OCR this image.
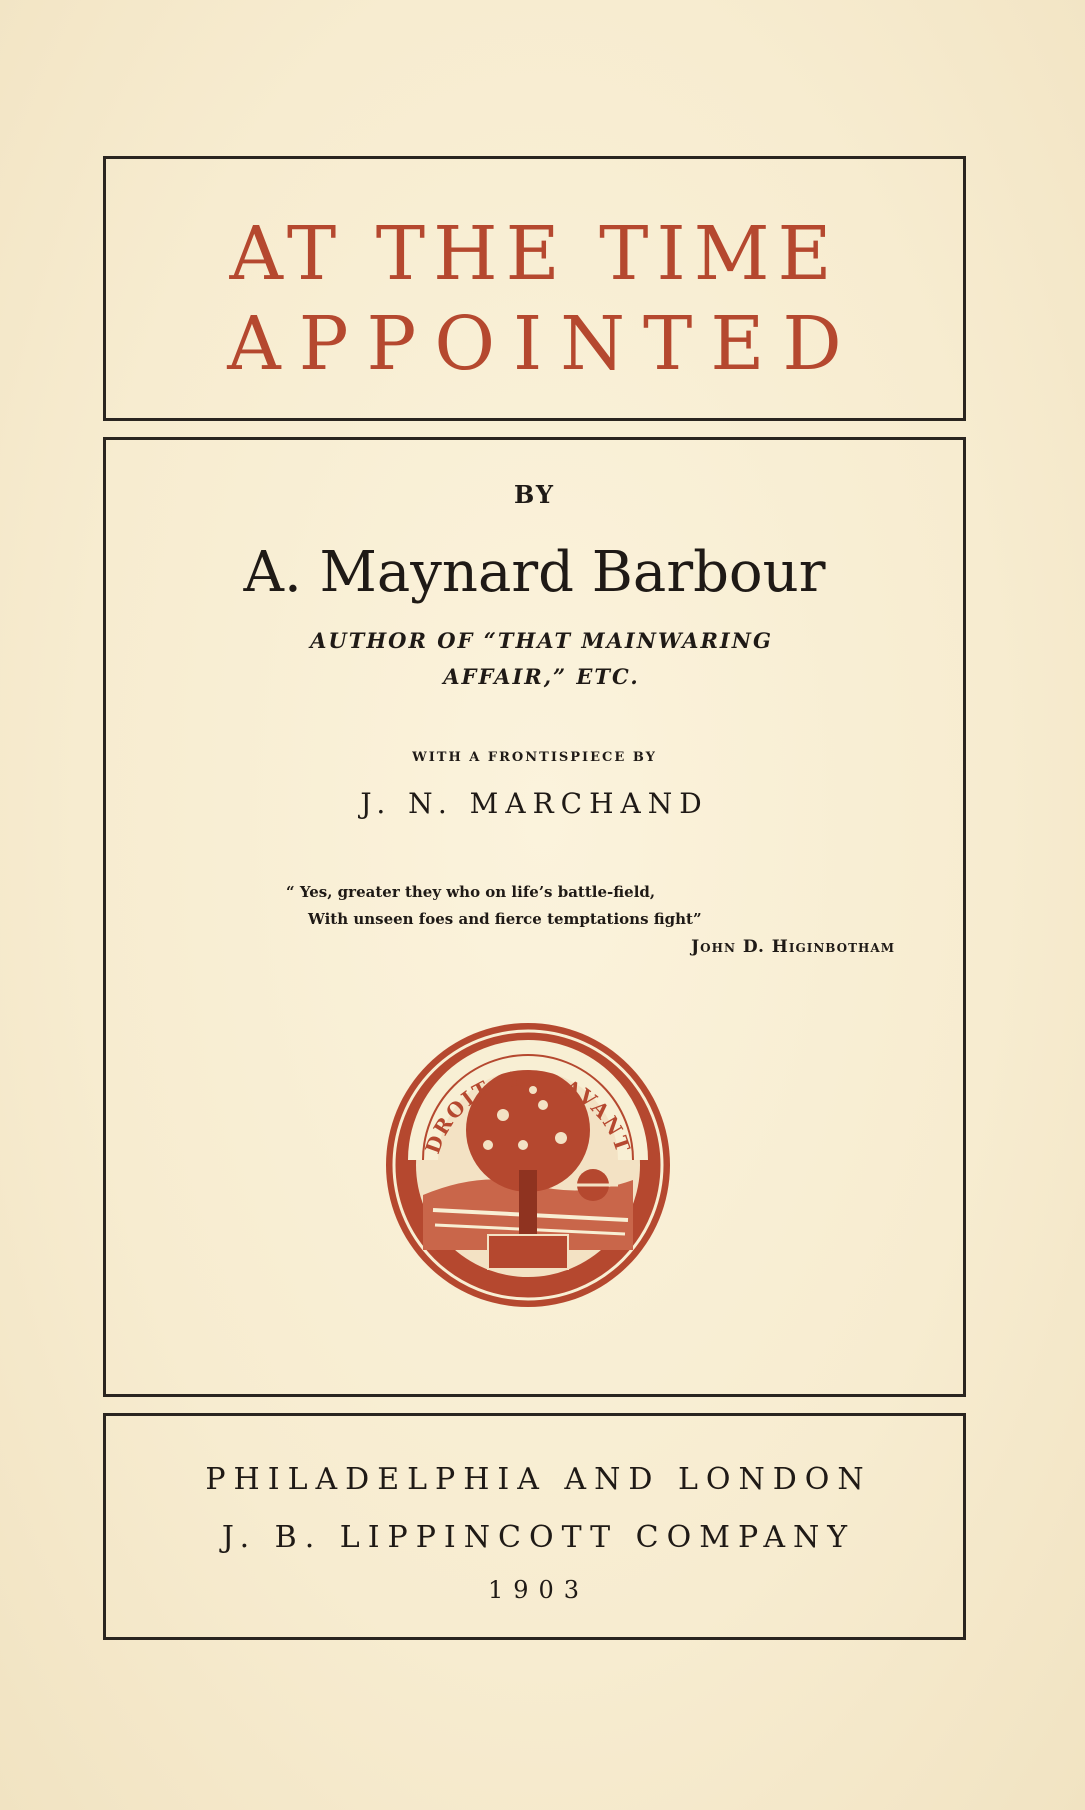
AT THE TIME
APPOINTED
BY
A. Maynard Barbour
AUTHOR OF “THAT MAINWARING
AFFAIR,” ETC.
WITH A FRONTISPIECE BY
J. N. MARCHAND
“ Yes, greater they who on life’s battle-field,
With unseen foes and fierce temptations fight”
John D. Higinbotham
DROIT ET AVANT
PHILADELPHIA AND LONDON
J. B. LIPPINCOTT COMPANY
1903
